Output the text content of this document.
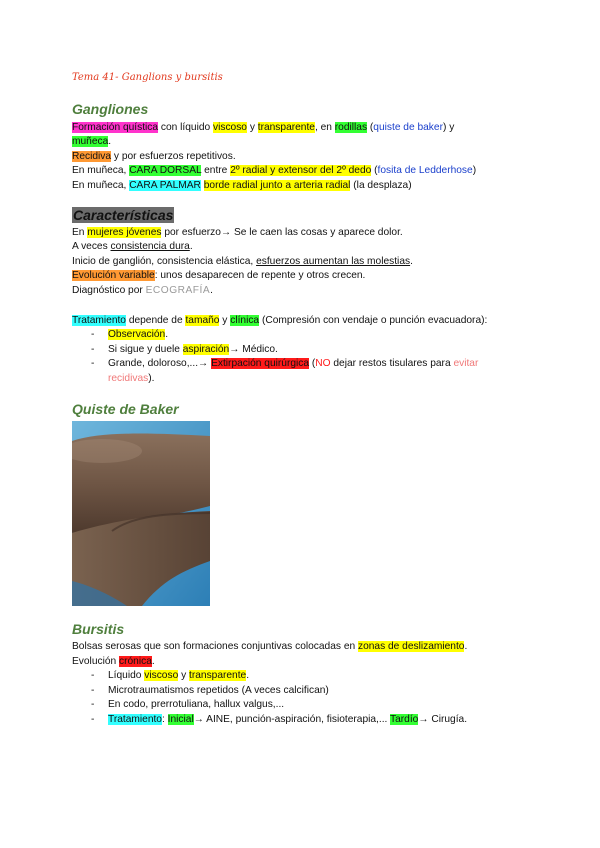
Tema 41- Ganglions y bursitis
Gangliones
Formación quística con líquido viscoso y transparente, en rodillas (quiste de baker) y
muñeca.
Recidiva y por esfuerzos repetitivos.
En muñeca, CARA DORSAL entre 2º radial y extensor del 2º dedo (fosita de Ledderhose)
En muñeca, CARA PALMAR borde radial junto a arteria radial (la desplaza)
Características
En mujeres jóvenes por esfuerzo→ Se le caen las cosas y aparece dolor.
A veces consistencia dura.
Inicio de ganglión, consistencia elástica, esfuerzos aumentan las molestias.
Evolución variable: unos desaparecen de repente y otros crecen.
Diagnóstico por ECOGRAFÍA.
Tratamiento depende de tamaño y clínica (Compresión con vendaje o punción evacuadora):
- Observación.
- Si sigue y duele aspiración→ Médico.
- Grande, doloroso,...→ Extirpación quirúrgica (NO dejar restos tisulares para evitar
recidivas).
Quiste de Baker
Bursitis
Bolsas serosas que son formaciones conjuntivas colocadas en zonas de deslizamiento.
Evolución crónica.
- Líquido viscoso y transparente.
- Microtraumatismos repetidos (A veces calcifican)
- En codo, prerrotuliana, hallux valgus,...
- Tratamiento: Inicial→ AINE, punción-aspiración, fisioterapia,... Tardío→ Cirugía.
